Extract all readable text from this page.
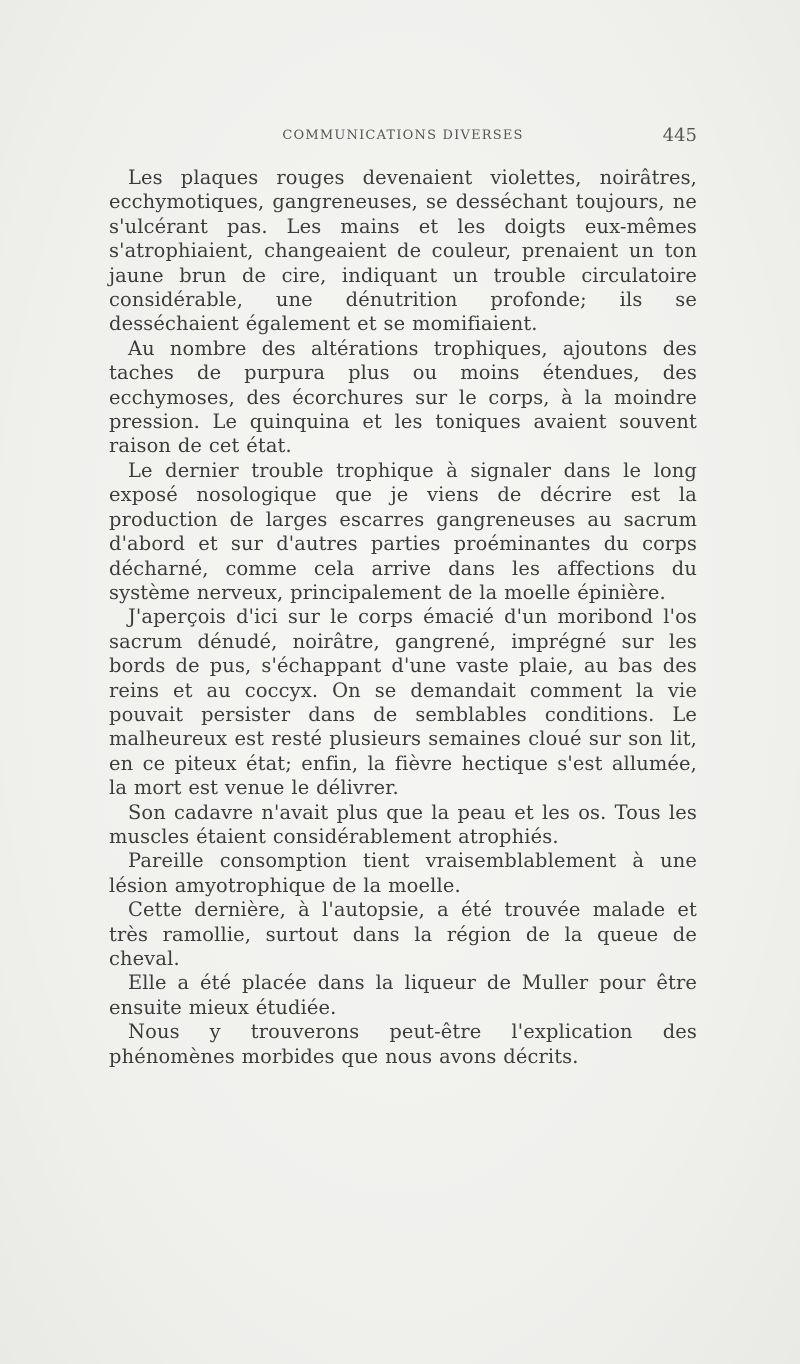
COMMUNICATIONS DIVERSES	445

Les plaques rouges devenaient violettes, noirâtres, ecchymotiques, gangreneuses, se desséchant toujours, ne s'ulcérant pas. Les mains et les doigts eux-mêmes s'atrophiaient, changeaient de couleur, prenaient un ton jaune brun de cire, indiquant un trouble circulatoire considérable, une dénutrition profonde; ils se desséchaient également et se momifiaient.

Au nombre des altérations trophiques, ajoutons des taches de purpura plus ou moins étendues, des ecchymoses, des écorchures sur le corps, à la moindre pression. Le quinquina et les toniques avaient souvent raison de cet état.

Le dernier trouble trophique à signaler dans le long exposé nosologique que je viens de décrire est la production de larges escarres gangreneuses au sacrum d'abord et sur d'autres parties proéminantes du corps décharné, comme cela arrive dans les affections du système nerveux, principalement de la moelle épinière.

J'aperçois d'ici sur le corps émacié d'un moribond l'os sacrum dénudé, noirâtre, gangrené, imprégné sur les bords de pus, s'échappant d'une vaste plaie, au bas des reins et au coccyx. On se demandait comment la vie pouvait persister dans de semblables conditions. Le malheureux est resté plusieurs semaines cloué sur son lit, en ce piteux état; enfin, la fièvre hectique s'est allumée, la mort est venue le délivrer.

Son cadavre n'avait plus que la peau et les os. Tous les muscles étaient considérablement atrophiés.

Pareille consomption tient vraisemblablement à une lésion amyotrophique de la moelle.

Cette dernière, à l'autopsie, a été trouvée malade et très ramollie, surtout dans la région de la queue de cheval.

Elle a été placée dans la liqueur de Muller pour être ensuite mieux étudiée.

Nous y trouverons peut-être l'explication des phénomènes morbides que nous avons décrits.
